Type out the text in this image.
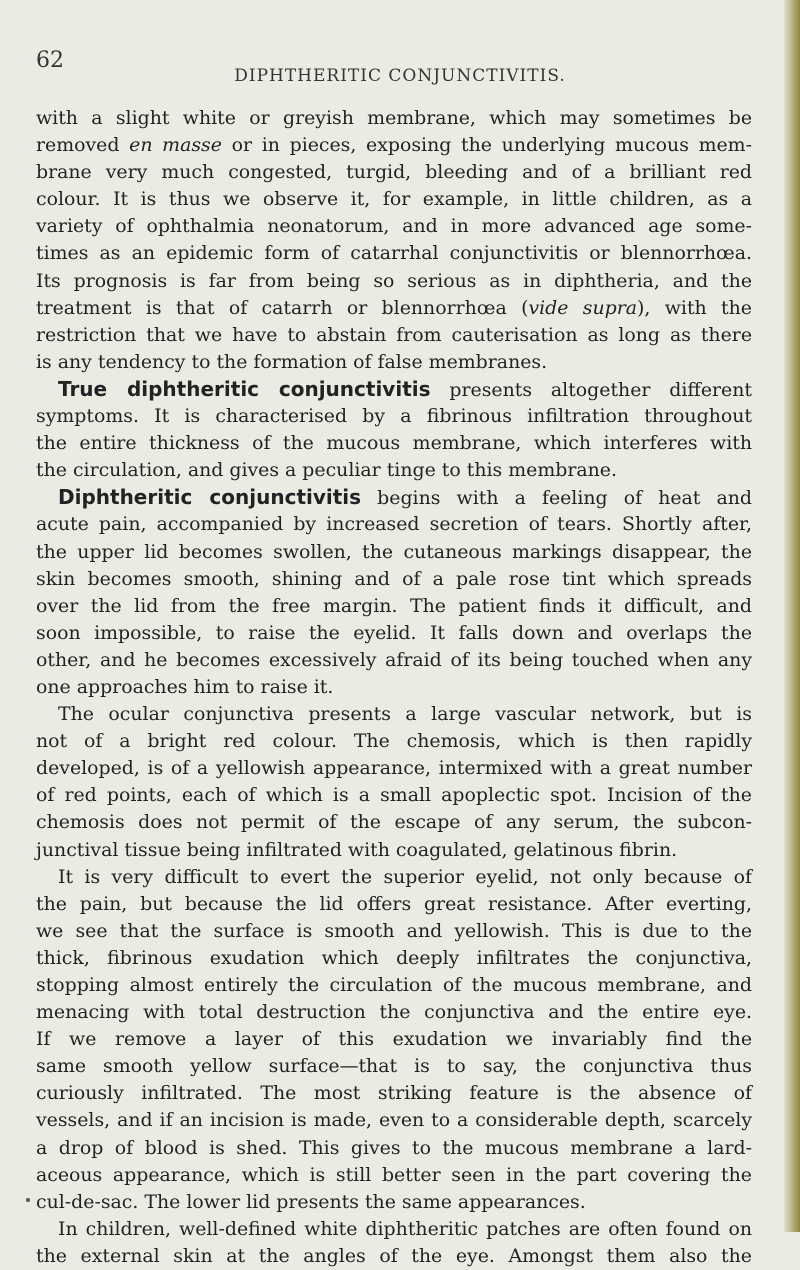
62
DIPHTHERITIC CONJUNCTIVITIS.
with a slight white or greyish membrane, which may sometimes be
removed en masse or in pieces, exposing the underlying mucous mem-
brane very much congested, turgid, bleeding and of a brilliant red
colour. It is thus we observe it, for example, in little children, as a
variety of ophthalmia neonatorum, and in more advanced age some-
times as an epidemic form of catarrhal conjunctivitis or blennorrhœa.
Its prognosis is far from being so serious as in diphtheria, and the
treatment is that of catarrh or blennorrhœa (vide supra), with the
restriction that we have to abstain from cauterisation as long as there
is any tendency to the formation of false membranes.
True diphtheritic conjunctivitis presents altogether different
symptoms. It is characterised by a fibrinous infiltration throughout
the entire thickness of the mucous membrane, which interferes with
the circulation, and gives a peculiar tinge to this membrane.
Diphtheritic conjunctivitis begins with a feeling of heat and
acute pain, accompanied by increased secretion of tears. Shortly after,
the upper lid becomes swollen, the cutaneous markings disappear, the
skin becomes smooth, shining and of a pale rose tint which spreads
over the lid from the free margin. The patient finds it difficult, and
soon impossible, to raise the eyelid. It falls down and overlaps the
other, and he becomes excessively afraid of its being touched when any
one approaches him to raise it.
The ocular conjunctiva presents a large vascular network, but is
not of a bright red colour. The chemosis, which is then rapidly
developed, is of a yellowish appearance, intermixed with a great number
of red points, each of which is a small apoplectic spot. Incision of the
chemosis does not permit of the escape of any serum, the subcon-
junctival tissue being infiltrated with coagulated, gelatinous fibrin.
It is very difficult to evert the superior eyelid, not only because of
the pain, but because the lid offers great resistance. After everting,
we see that the surface is smooth and yellowish. This is due to the
thick, fibrinous exudation which deeply infiltrates the conjunctiva,
stopping almost entirely the circulation of the mucous membrane, and
menacing with total destruction the conjunctiva and the entire eye.
If we remove a layer of this exudation we invariably find the
same smooth yellow surface—that is to say, the conjunctiva thus
curiously infiltrated. The most striking feature is the absence of
vessels, and if an incision is made, even to a considerable depth, scarcely
a drop of blood is shed. This gives to the mucous membrane a lard-
aceous appearance, which is still better seen in the part covering the
cul-de-sac. The lower lid presents the same appearances.
In children, well-defined white diphtheritic patches are often found on
the external skin at the angles of the eye. Amongst them also the
